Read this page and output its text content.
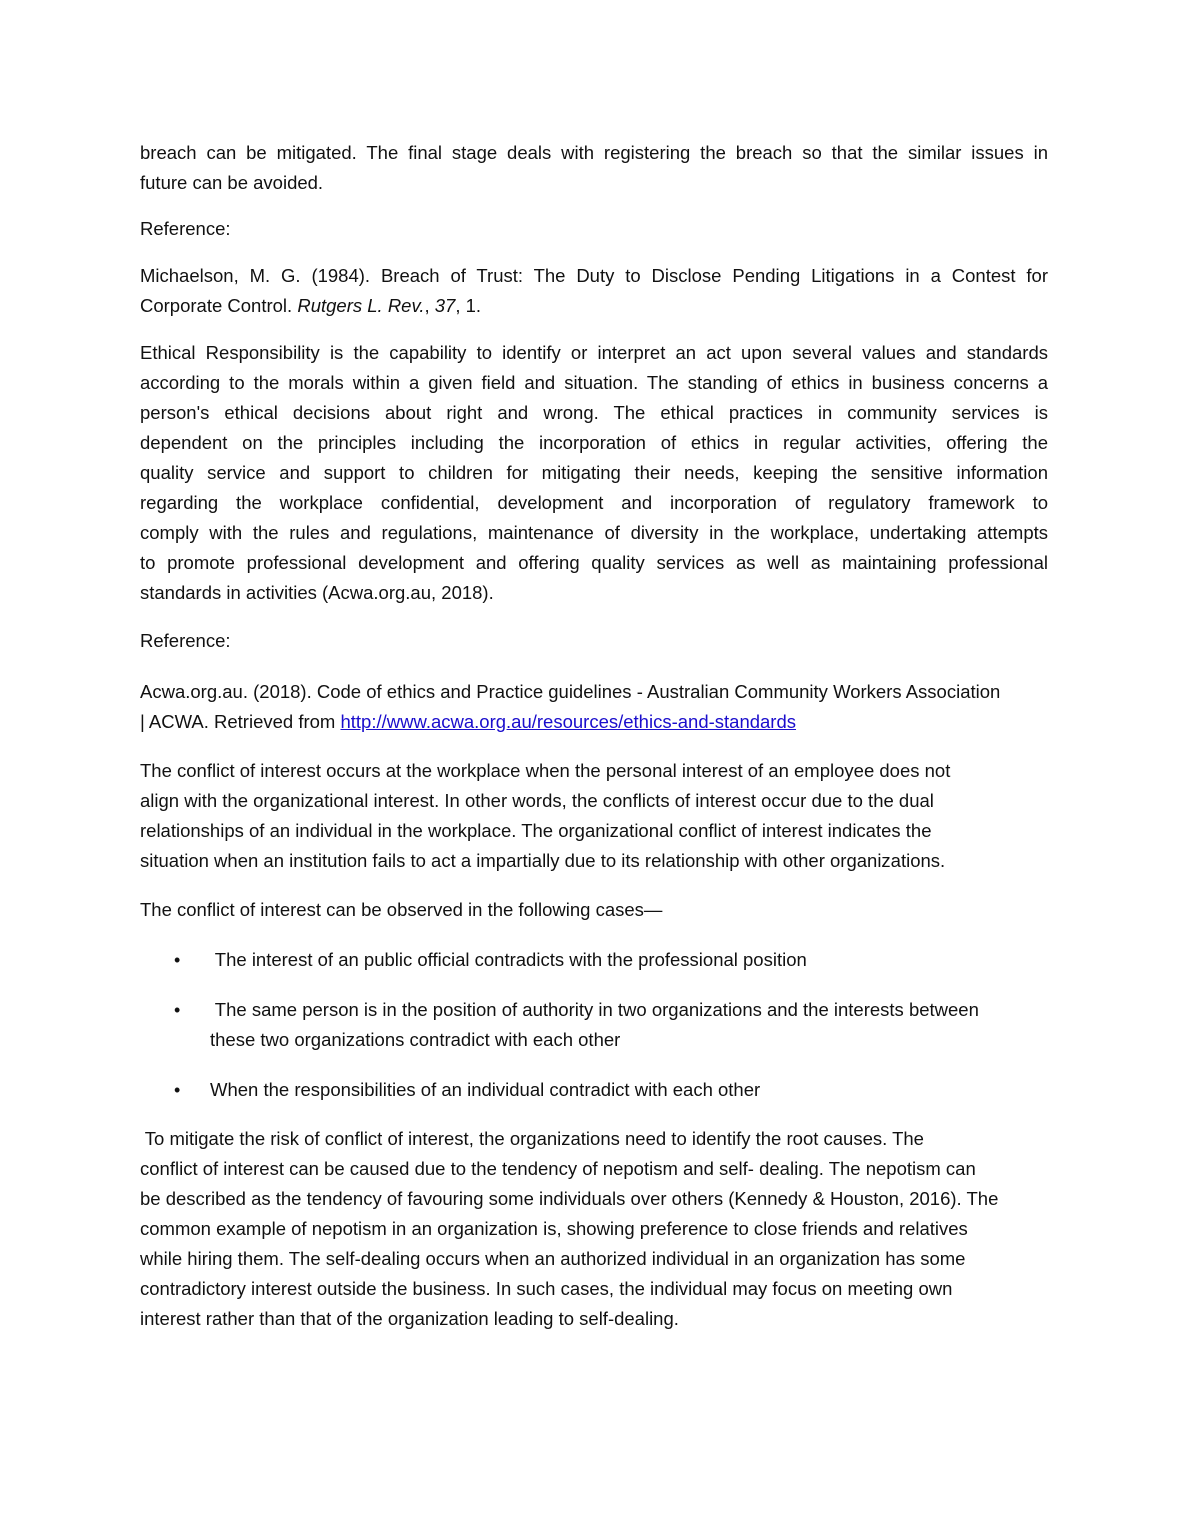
breach can be mitigated. The final stage deals with registering the breach so that the similar issues in
future can be avoided.
Reference:
Michaelson, M. G. (1984). Breach of Trust: The Duty to Disclose Pending Litigations in a Contest for
Corporate Control. Rutgers L. Rev., 37, 1.
Ethical Responsibility is the capability to identify or interpret an act upon several values and standards
according to the morals within a given field and situation. The standing of ethics in business concerns a
person's ethical decisions about right and wrong. The ethical practices in community services is
dependent on the principles including the incorporation of ethics in regular activities, offering the
quality service and support to children for mitigating their needs, keeping the sensitive information
regarding the workplace confidential, development and incorporation of regulatory framework to
comply with the rules and regulations, maintenance of diversity in the workplace, undertaking attempts
to promote professional development and offering quality services as well as maintaining professional
standards in activities (Acwa.org.au, 2018).
Reference:
Acwa.org.au. (2018). Code of ethics and Practice guidelines - Australian Community Workers Association
| ACWA. Retrieved from http://www.acwa.org.au/resources/ethics-and-standards
The conflict of interest occurs at the workplace when the personal interest of an employee does not
align with the organizational interest. In other words, the conflicts of interest occur due to the dual
relationships of an individual in the workplace. The organizational conflict of interest indicates the
situation when an institution fails to act a impartially due to its relationship with other organizations.
The conflict of interest can be observed in the following cases—
• The interest of an public official contradicts with the professional position
• The same person is in the position of authority in two organizations and the interests between
these two organizations contradict with each other
• When the responsibilities of an individual contradict with each other
To mitigate the risk of conflict of interest, the organizations need to identify the root causes. The
conflict of interest can be caused due to the tendency of nepotism and self- dealing. The nepotism can
be described as the tendency of favouring some individuals over others (Kennedy & Houston, 2016). The
common example of nepotism in an organization is, showing preference to close friends and relatives
while hiring them. The self-dealing occurs when an authorized individual in an organization has some
contradictory interest outside the business. In such cases, the individual may focus on meeting own
interest rather than that of the organization leading to self-dealing.
